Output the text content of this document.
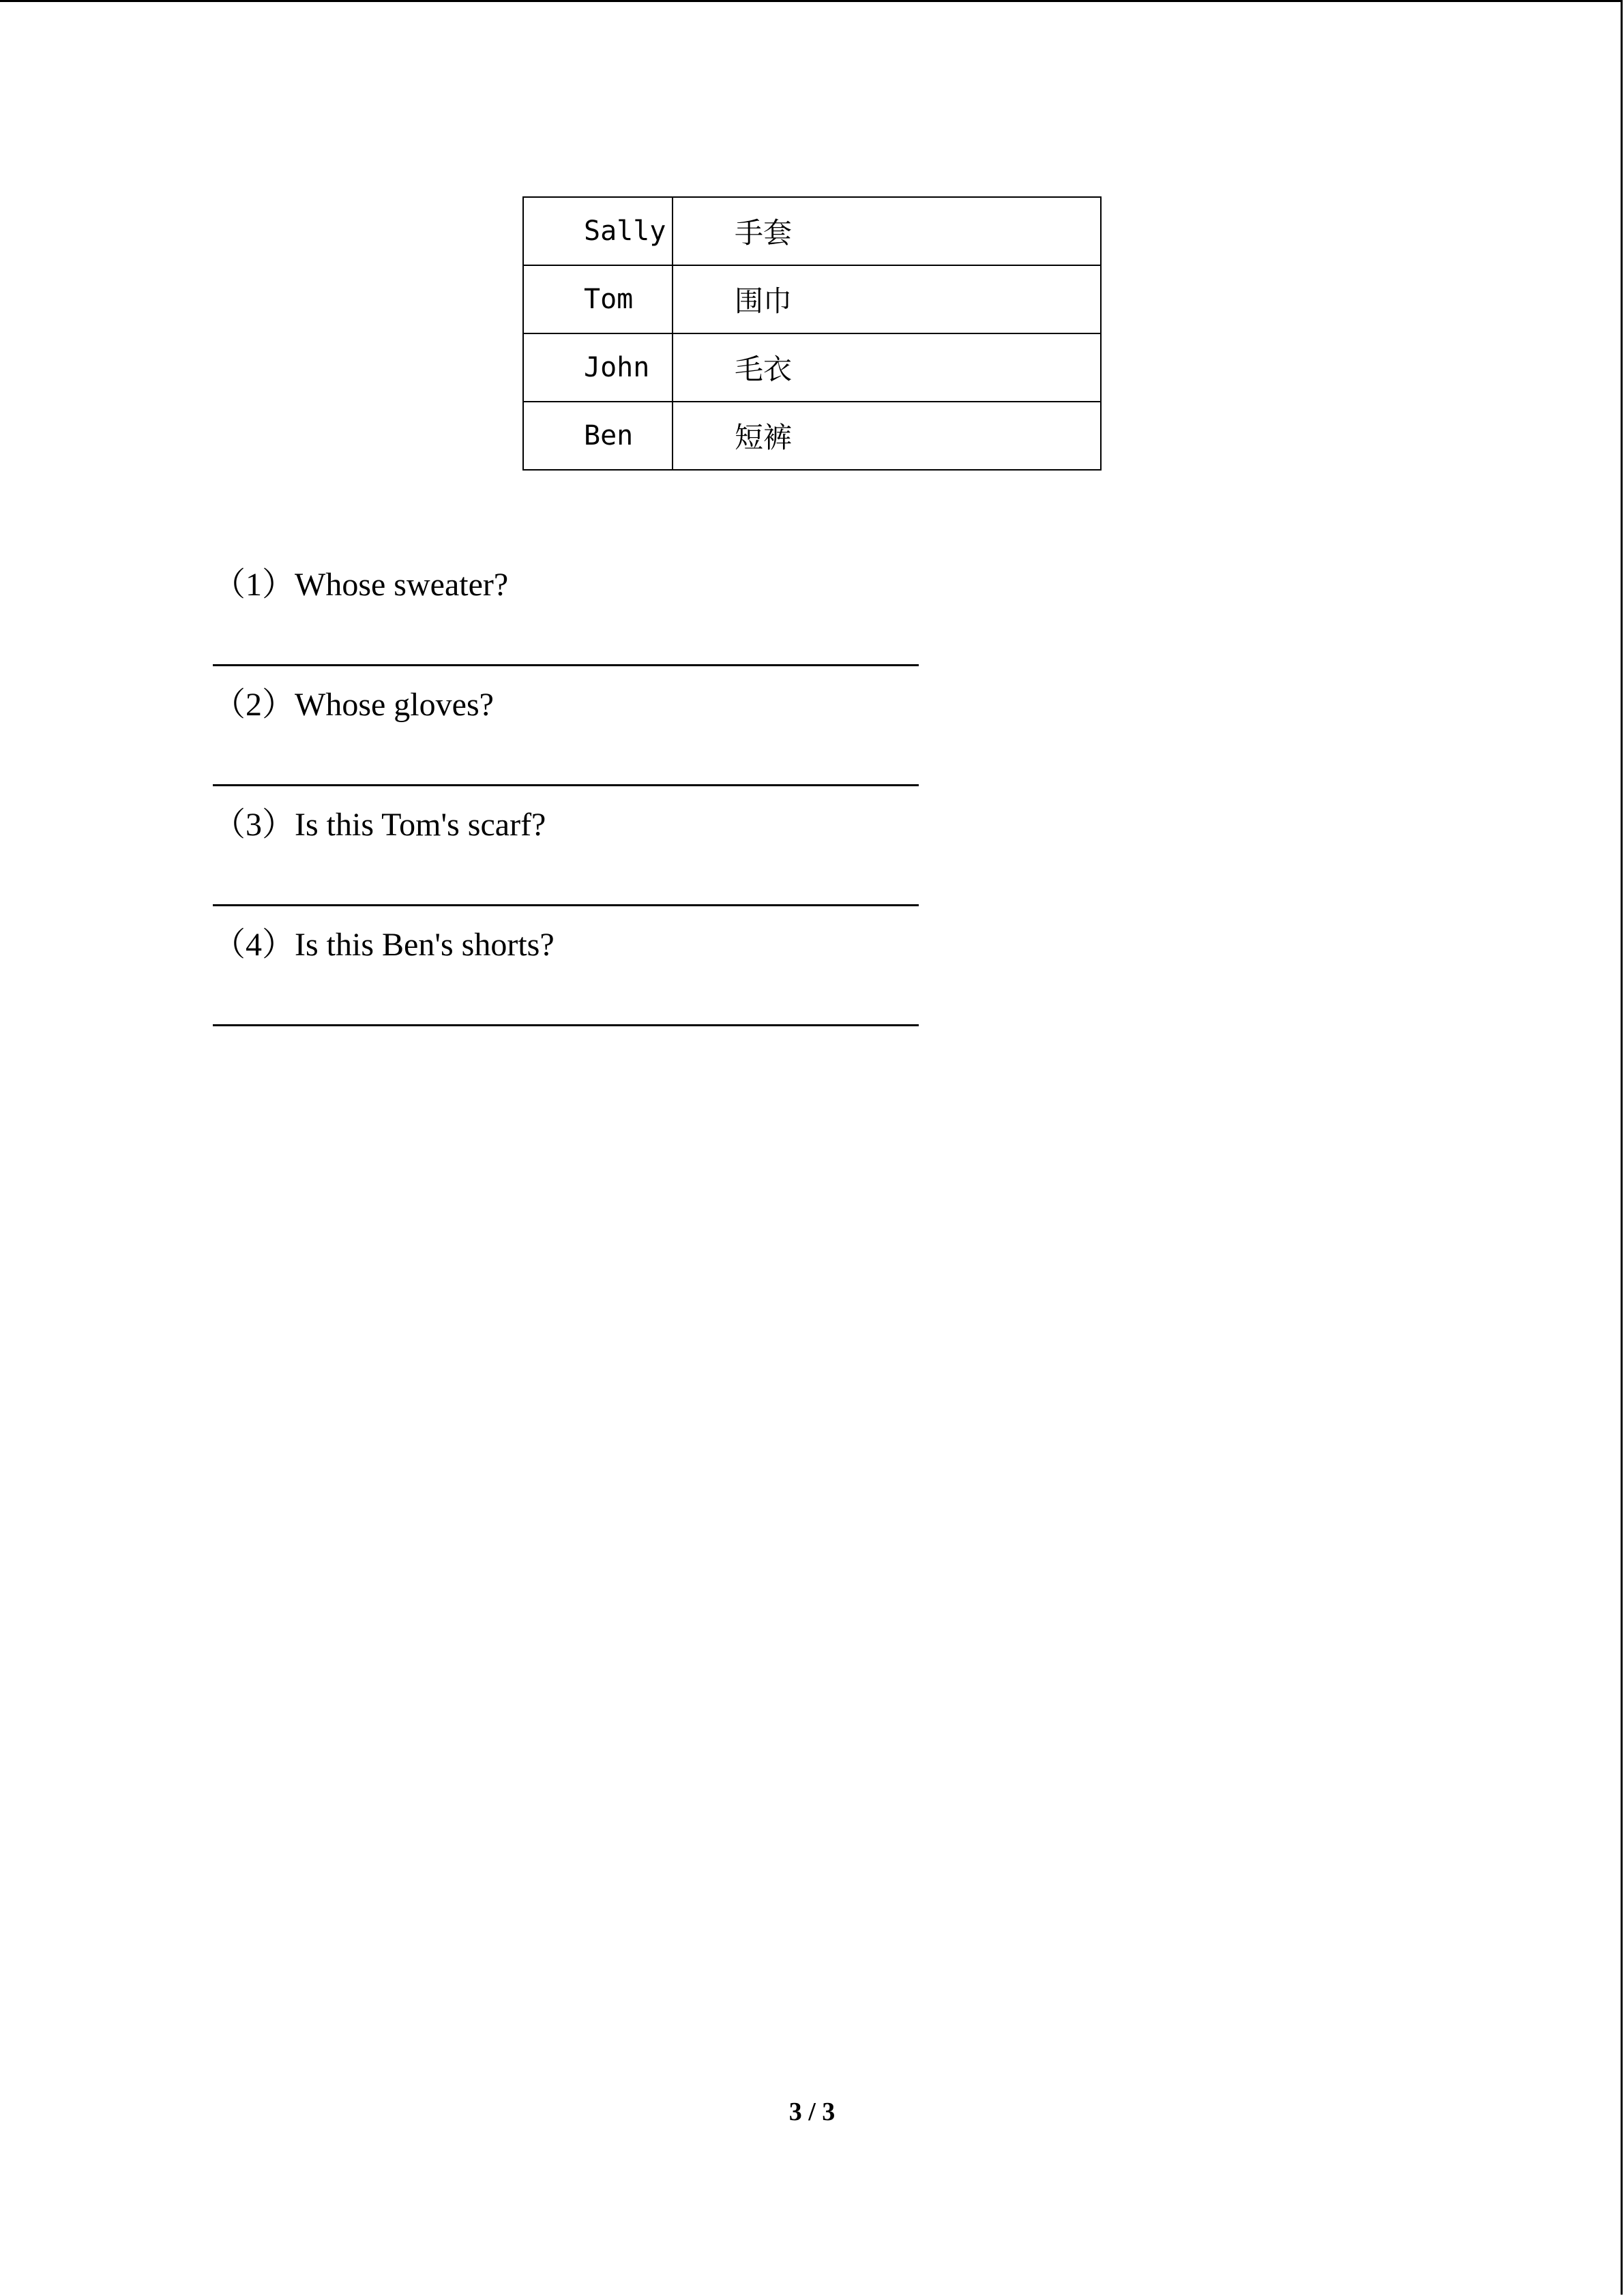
Sally	手套
Tom	围巾
John	毛衣
Ben	短裤
（1）Whose sweater?
（2）Whose gloves?
（3）Is this Tom's scarf?
（4）Is this Ben's shorts?
3 / 3
